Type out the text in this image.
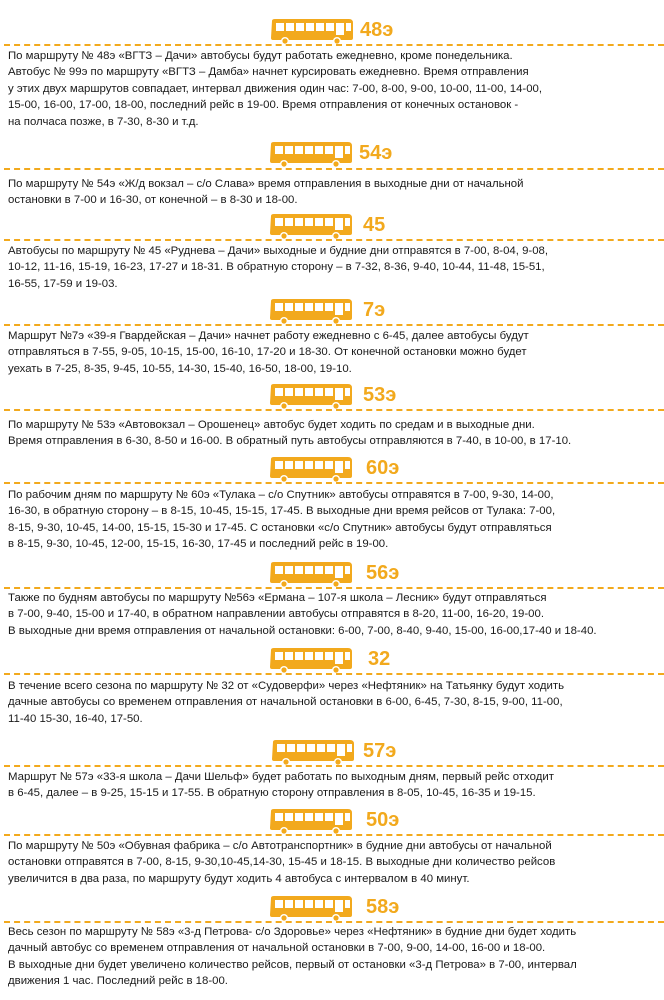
48э
По маршруту № 48э «ВГТЗ – Дачи» автобусы будут работать ежедневно, кроме понедельника.
Автобус № 99э по маршруту «ВГТЗ – Дамба» начнет курсировать ежедневно. Время отправления
у этих двух маршрутов совпадает, интервал движения один час: 7-00, 8-00, 9-00, 10-00, 11-00, 14-00,
15-00, 16-00, 17-00, 18-00, последний рейс в 19-00. Время отправления от конечных остановок -
на полчаса позже, в 7-30, 8-30 и т.д.
54э
По маршруту № 54э «Ж/д вокзал – с/о Слава» время отправления в выходные дни от начальной
остановки в 7-00 и 16-30, от конечной – в 8-30 и 18-00.
45
Автобусы по маршруту № 45 «Руднева – Дачи» выходные и будние дни отправятся в 7-00, 8-04, 9-08,
10-12, 11-16, 15-19, 16-23, 17-27 и 18-31. В обратную сторону – в 7-32, 8-36, 9-40, 10-44, 11-48, 15-51,
16-55, 17-59 и 19-03.
7э
Маршрут №7э «39-я Гвардейская – Дачи» начнет работу ежедневно с 6-45, далее автобусы будут
отправляться в 7-55, 9-05, 10-15, 15-00, 16-10, 17-20 и 18-30. От конечной остановки можно будет
уехать в 7-25, 8-35, 9-45, 10-55, 14-30, 15-40, 16-50, 18-00, 19-10.
53э
По маршруту № 53э «Автовокзал – Орошенец» автобус будет ходить по средам и в выходные дни.
Время отправления в 6-30, 8-50 и 16-00. В обратный путь автобусы отправляются в 7-40, в 10-00, в 17-10.
60э
По рабочим дням по маршруту № 60э «Тулака – с/о Спутник» автобусы отправятся в 7-00, 9-30, 14-00,
16-30, в обратную сторону – в 8-15, 10-45, 15-15, 17-45. В выходные дни время рейсов от Тулака: 7-00,
8-15, 9-30, 10-45, 14-00, 15-15, 15-30 и 17-45. С остановки «с/о Спутник» автобусы будут отправляться
в 8-15, 9-30, 10-45, 12-00, 15-15, 16-30, 17-45 и последний рейс в 19-00.
56э
Также по будням автобусы по маршруту №56э «Ермана – 107-я школа – Лесник» будут отправляться
в 7-00, 9-40, 15-00 и 17-40, в обратном направлении автобусы отправятся в 8-20, 11-00, 16-20, 19-00.
В выходные дни время отправления от начальной остановки: 6-00, 7-00, 8-40, 9-40, 15-00, 16-00,17-40 и 18-40.
32
В течение всего сезона по маршруту № 32 от «Судоверфи» через «Нефтяник» на Татьянку будут ходить
дачные автобусы со временем отправления от начальной остановки в 6-00, 6-45, 7-30, 8-15, 9-00, 11-00,
11-40 15-30, 16-40, 17-50.
57э
Маршрут № 57э «33-я школа – Дачи Шельф» будет работать по выходным дням, первый рейс отходит
в 6-45, далее – в 9-25, 15-15 и 17-55. В обратную сторону отправления в 8-05, 10-45, 16-35 и 19-15.
50э
По маршруту № 50э «Обувная фабрика – с/о Автотранспортник» в будние дни автобусы от начальной
остановки отправятся в 7-00, 8-15, 9-30,10-45,14-30, 15-45 и 18-15. В выходные дни количество рейсов
увеличится в два раза, по маршруту будут ходить 4 автобуса с интервалом в 40 минут.
58э
Весь сезон по маршруту № 58э «3-д Петрова- с/о Здоровье» через «Нефтяник» в будние дни будет ходить
дачный автобус со временем отправления от начальной остановки в 7-00, 9-00, 14-00, 16-00 и 18-00.
В выходные дни будет увеличено количество рейсов, первый от остановки «3-д Петрова» в 7-00, интервал
движения 1 час. Последний рейс в 18-00.
